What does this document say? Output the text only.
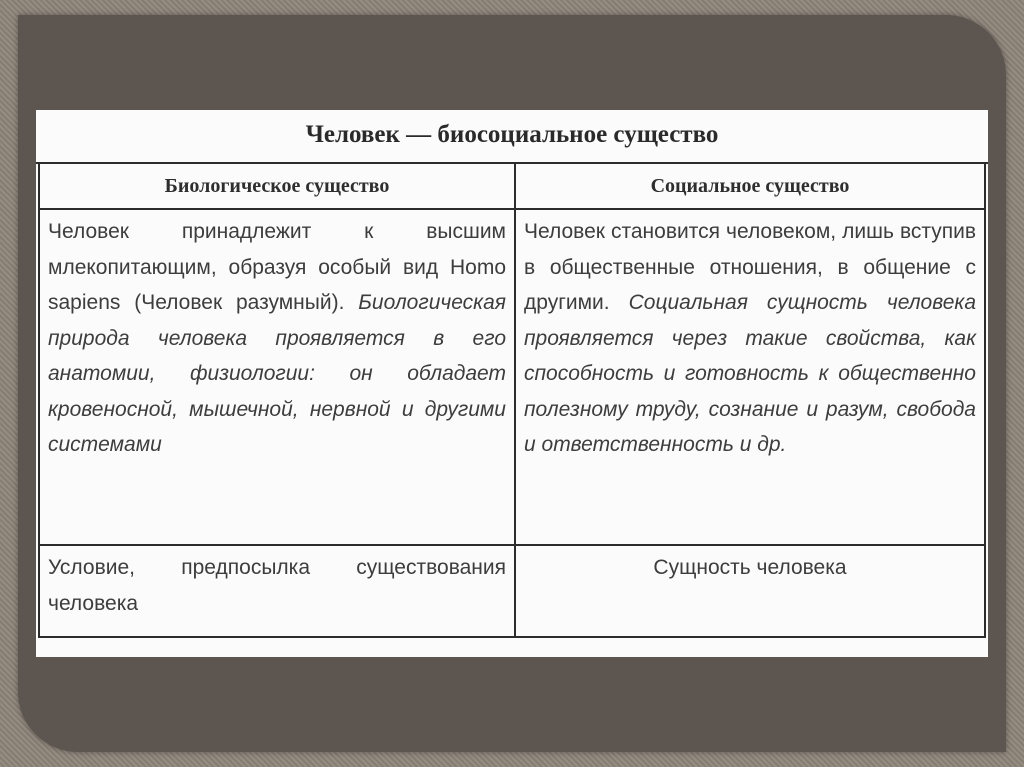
Человек — биосоциальное существо
Биологическое существо	Социальное существо
Человек принадлежит к высшим млекопитающим, образуя особый вид Homo sapiens (Человек разумный). Биологическая природа человека проявляется в его анатомии, физиологии: он обладает кровеносной, мышечной, нервной и другими системами
Человек становится человеком, лишь вступив в общественные отношения, в общение с другими. Социальная сущность человека проявляется через такие свойства, как способность и готовность к общественно полезному труду, сознание и разум, свобода и ответственность и др.
Условие, предпосылка существования человека
Сущность человека
